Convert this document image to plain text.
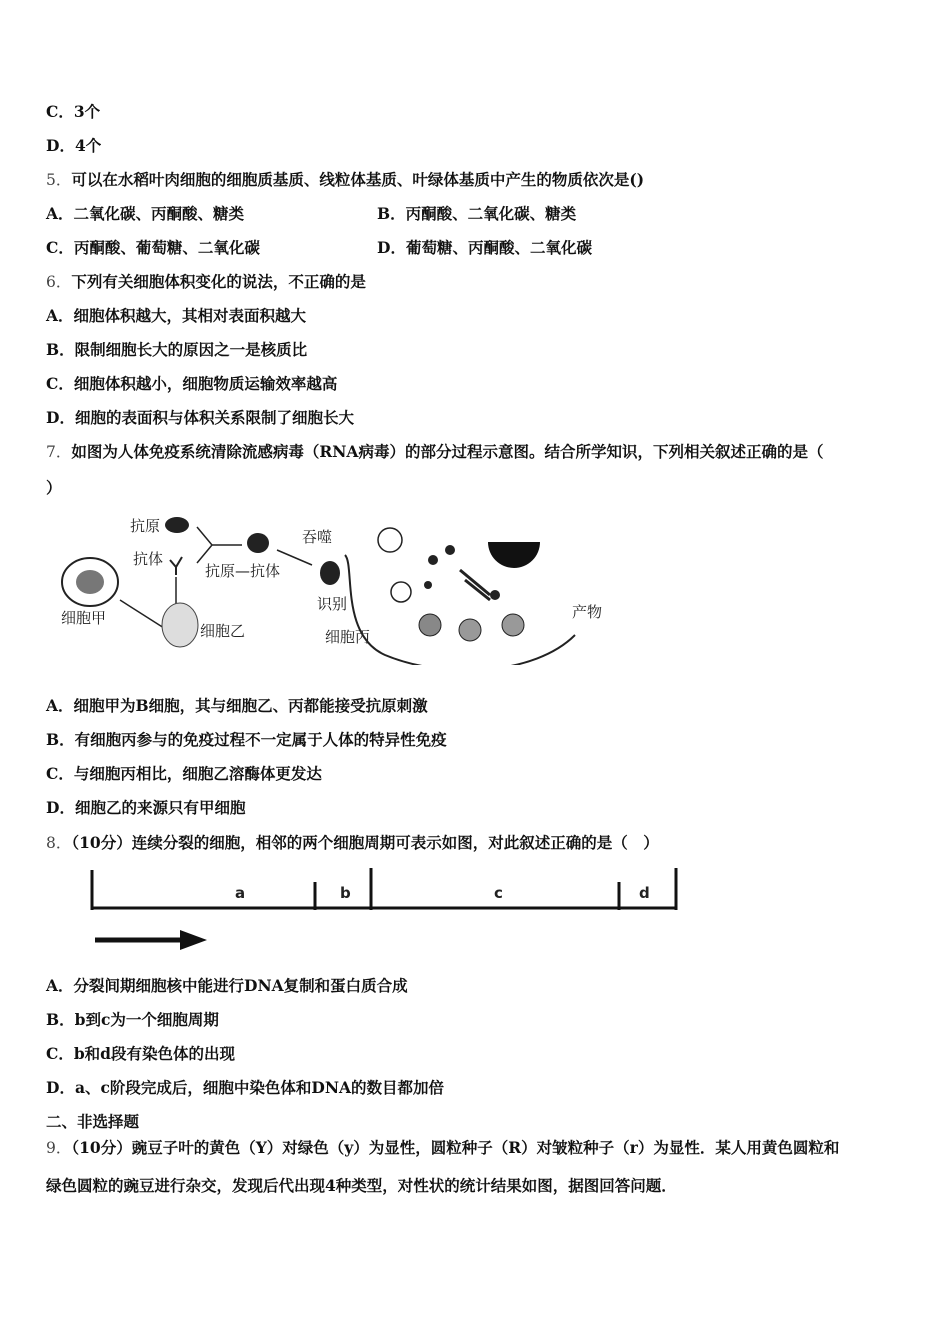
C．3个
D．4个
5．可以在水稻叶肉细胞的细胞质基质、线粒体基质、叶绿体基质中产生的物质依次是()
A．二氧化碳、丙酮酸、糖类	B．丙酮酸、二氧化碳、糖类
C．丙酮酸、葡萄糖、二氧化碳	D．葡萄糖、丙酮酸、二氧化碳
6．下列有关细胞体积变化的说法，不正确的是
A．细胞体积越大，其相对表面积越大
B．限制细胞长大的原因之一是核质比
C．细胞体积越小，细胞物质运输效率越高
D．细胞的表面积与体积关系限制了细胞长大
7．如图为人体免疫系统清除流感病毒（RNA病毒）的部分过程示意图。结合所学知识，下列相关叙述正确的是（
）
抗原
抗体
抗原—抗体
吞噬
识别
细胞甲
细胞乙	细胞丙
产物
A．细胞甲为B细胞，其与细胞乙、丙都能接受抗原刺激
B．有细胞丙参与的免疫过程不一定属于人体的特异性免疫
C．与细胞丙相比，细胞乙溶酶体更发达
D．细胞乙的来源只有甲细胞
8．（10分）连续分裂的细胞，相邻的两个细胞周期可表示如图，对此叙述正确的是（　）
a	b	c	d
A．分裂间期细胞核中能进行DNA复制和蛋白质合成
B．b到c为一个细胞周期
C．b和d段有染色体的出现
D．a、c阶段完成后，细胞中染色体和DNA的数目都加倍
二、非选择题
9．（10分）豌豆子叶的黄色（Y）对绿色（y）为显性，圆粒种子（R）对皱粒种子（r）为显性．某人用黄色圆粒和
绿色圆粒的豌豆进行杂交，发现后代出现4种类型，对性状的统计结果如图，据图回答问题．
